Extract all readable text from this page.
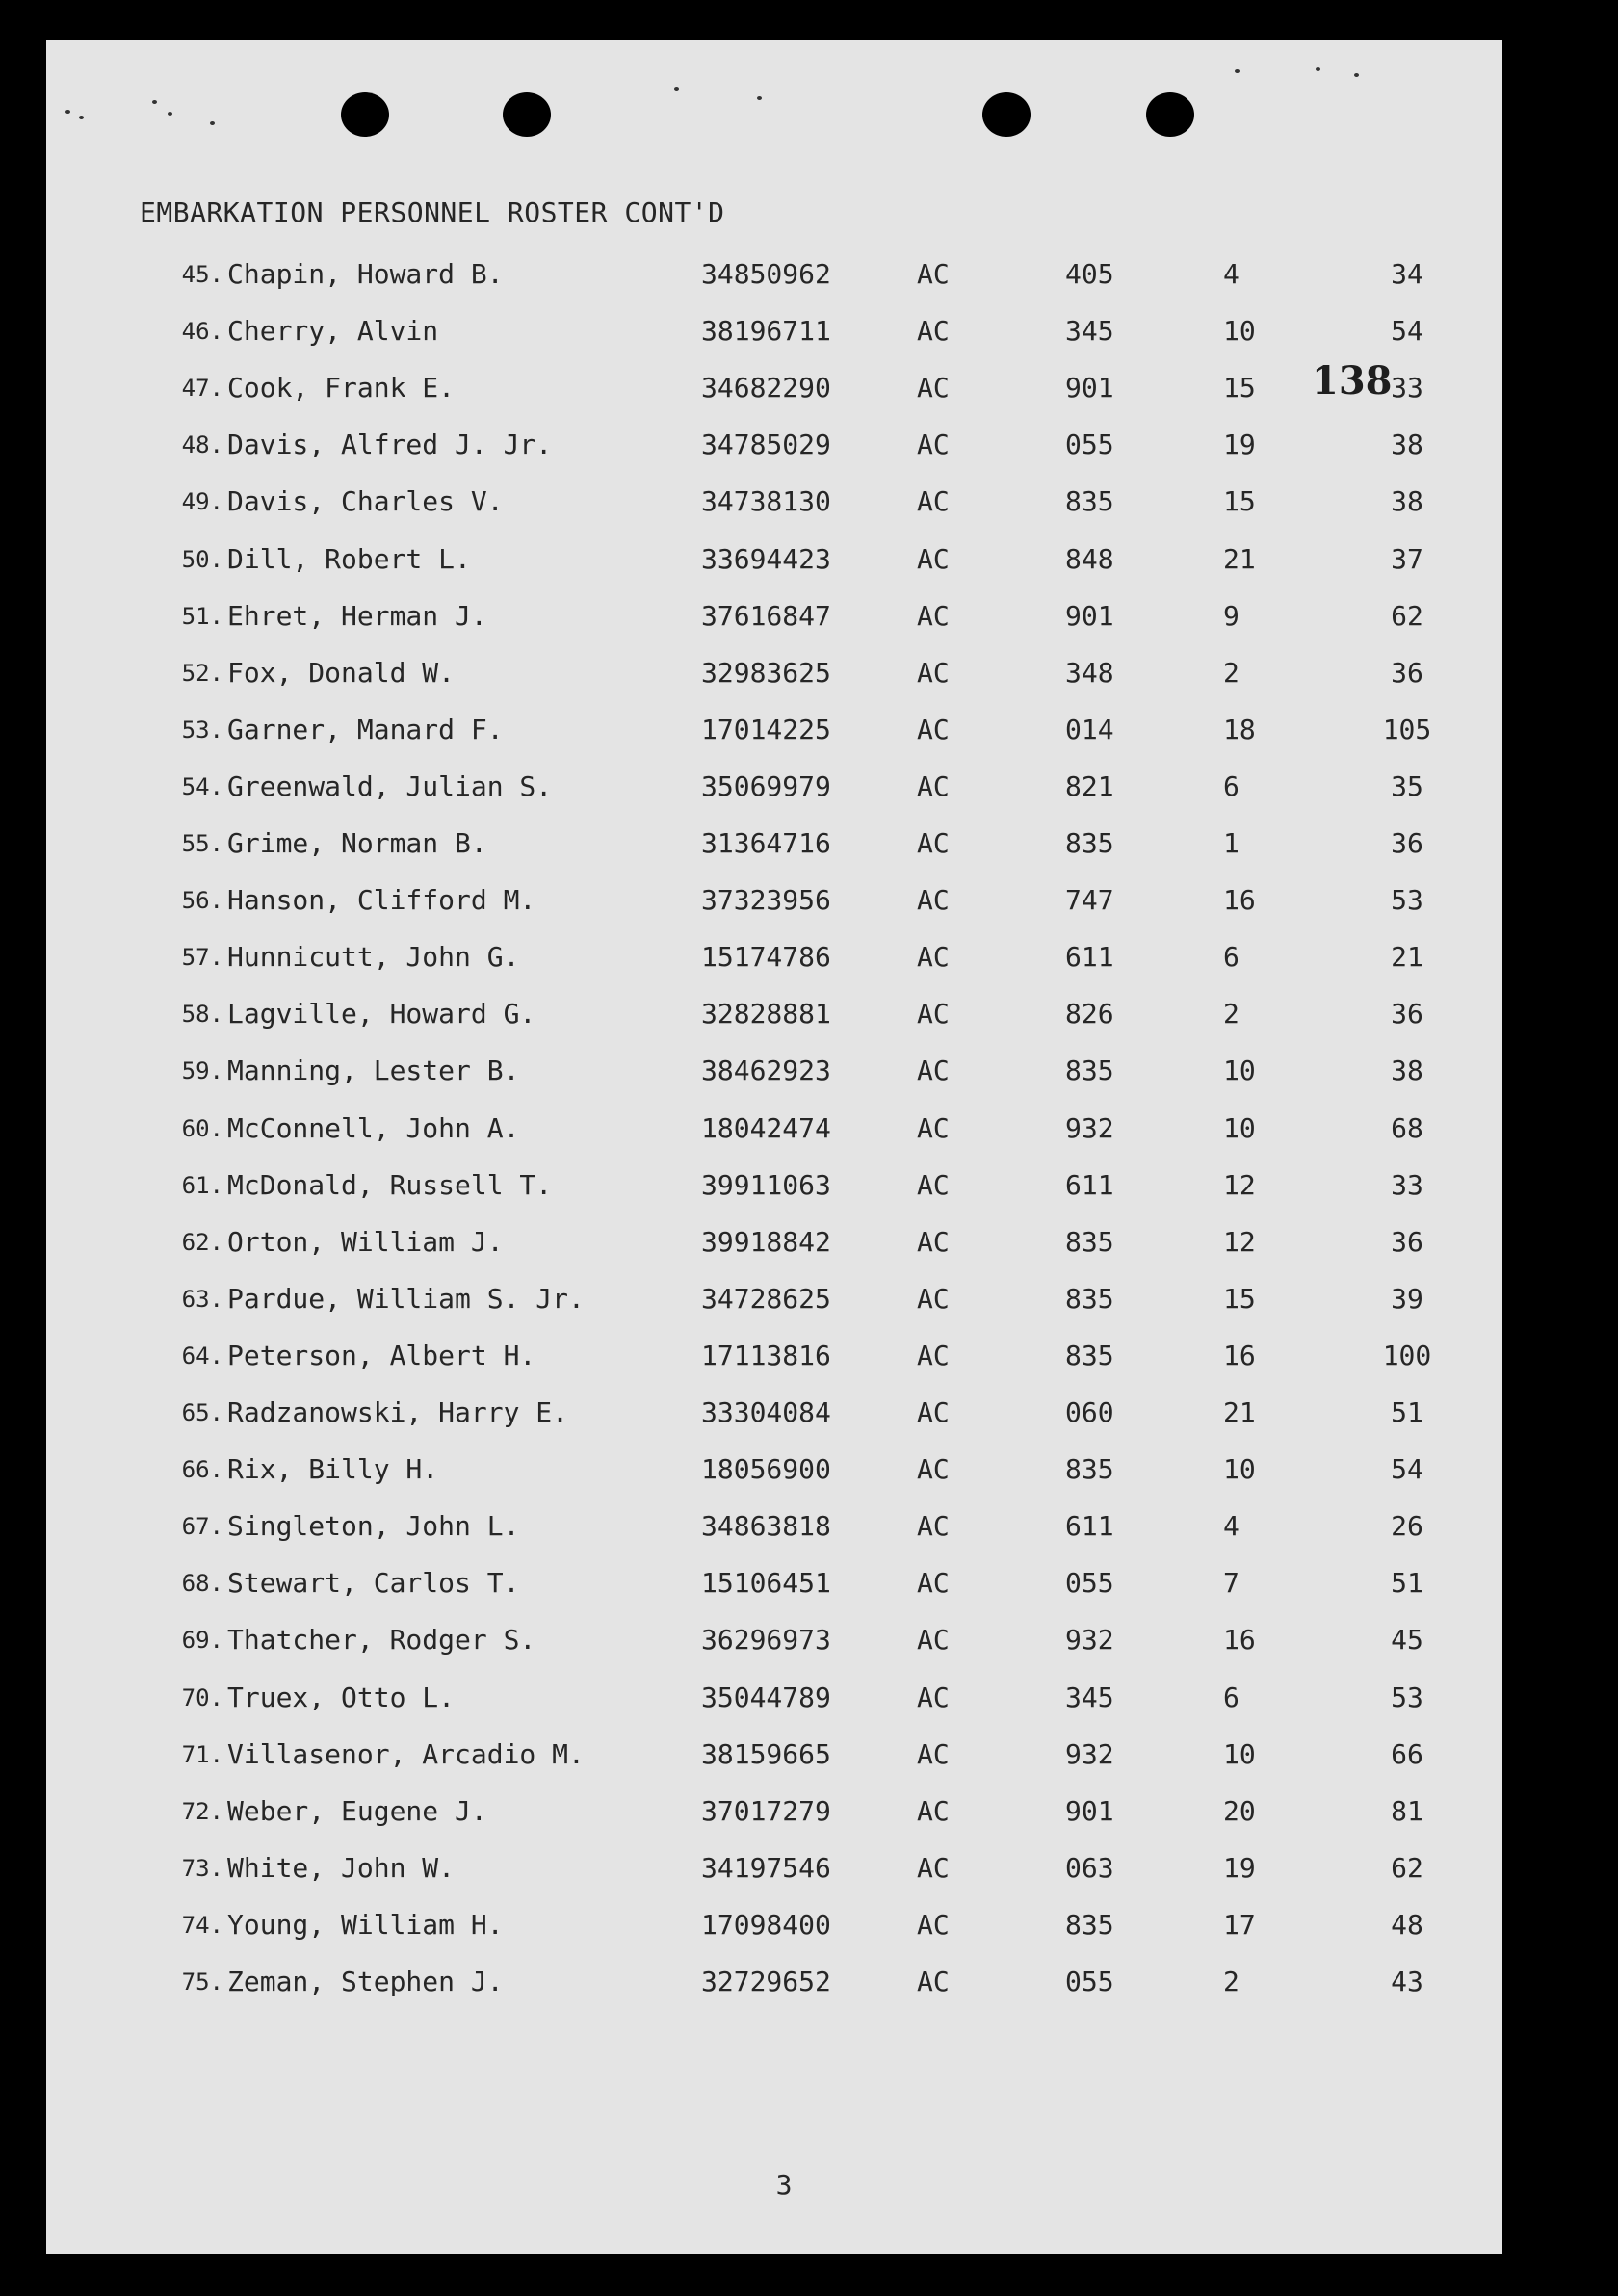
EMBARKATION PERSONNEL ROSTER CONT'D
138
45. Chapin, Howard B.	34850962	AC	405	4	34
46. Cherry, Alvin	38196711	AC	345	10	54
47. Cook, Frank E.	34682290	AC	901	15	33
48. Davis, Alfred J. Jr.	34785029	AC	055	19	38
49. Davis, Charles V.	34738130	AC	835	15	38
50. Dill, Robert L.	33694423	AC	848	21	37
51. Ehret, Herman J.	37616847	AC	901	9	62
52. Fox, Donald W.	32983625	AC	348	2	36
53. Garner, Manard F.	17014225	AC	014	18	105
54. Greenwald, Julian S.	35069979	AC	821	6	35
55. Grime, Norman B.	31364716	AC	835	1	36
56. Hanson, Clifford M.	37323956	AC	747	16	53
57. Hunnicutt, John G.	15174786	AC	611	6	21
58. Lagville, Howard G.	32828881	AC	826	2	36
59. Manning, Lester B.	38462923	AC	835	10	38
60. McConnell, John A.	18042474	AC	932	10	68
61. McDonald, Russell T.	39911063	AC	611	12	33
62. Orton, William J.	39918842	AC	835	12	36
63. Pardue, William S. Jr.	34728625	AC	835	15	39
64. Peterson, Albert H.	17113816	AC	835	16	100
65. Radzanowski, Harry E.	33304084	AC	060	21	51
66. Rix, Billy H.	18056900	AC	835	10	54
67. Singleton, John L.	34863818	AC	611	4	26
68. Stewart, Carlos T.	15106451	AC	055	7	51
69. Thatcher, Rodger S.	36296973	AC	932	16	45
70. Truex, Otto L.	35044789	AC	345	6	53
71. Villasenor, Arcadio M.	38159665	AC	932	10	66
72. Weber, Eugene J.	37017279	AC	901	20	81
73. White, John W.	34197546	AC	063	19	62
74. Young, William H.	17098400	AC	835	17	48
75. Zeman, Stephen J.	32729652	AC	055	2	43
3
